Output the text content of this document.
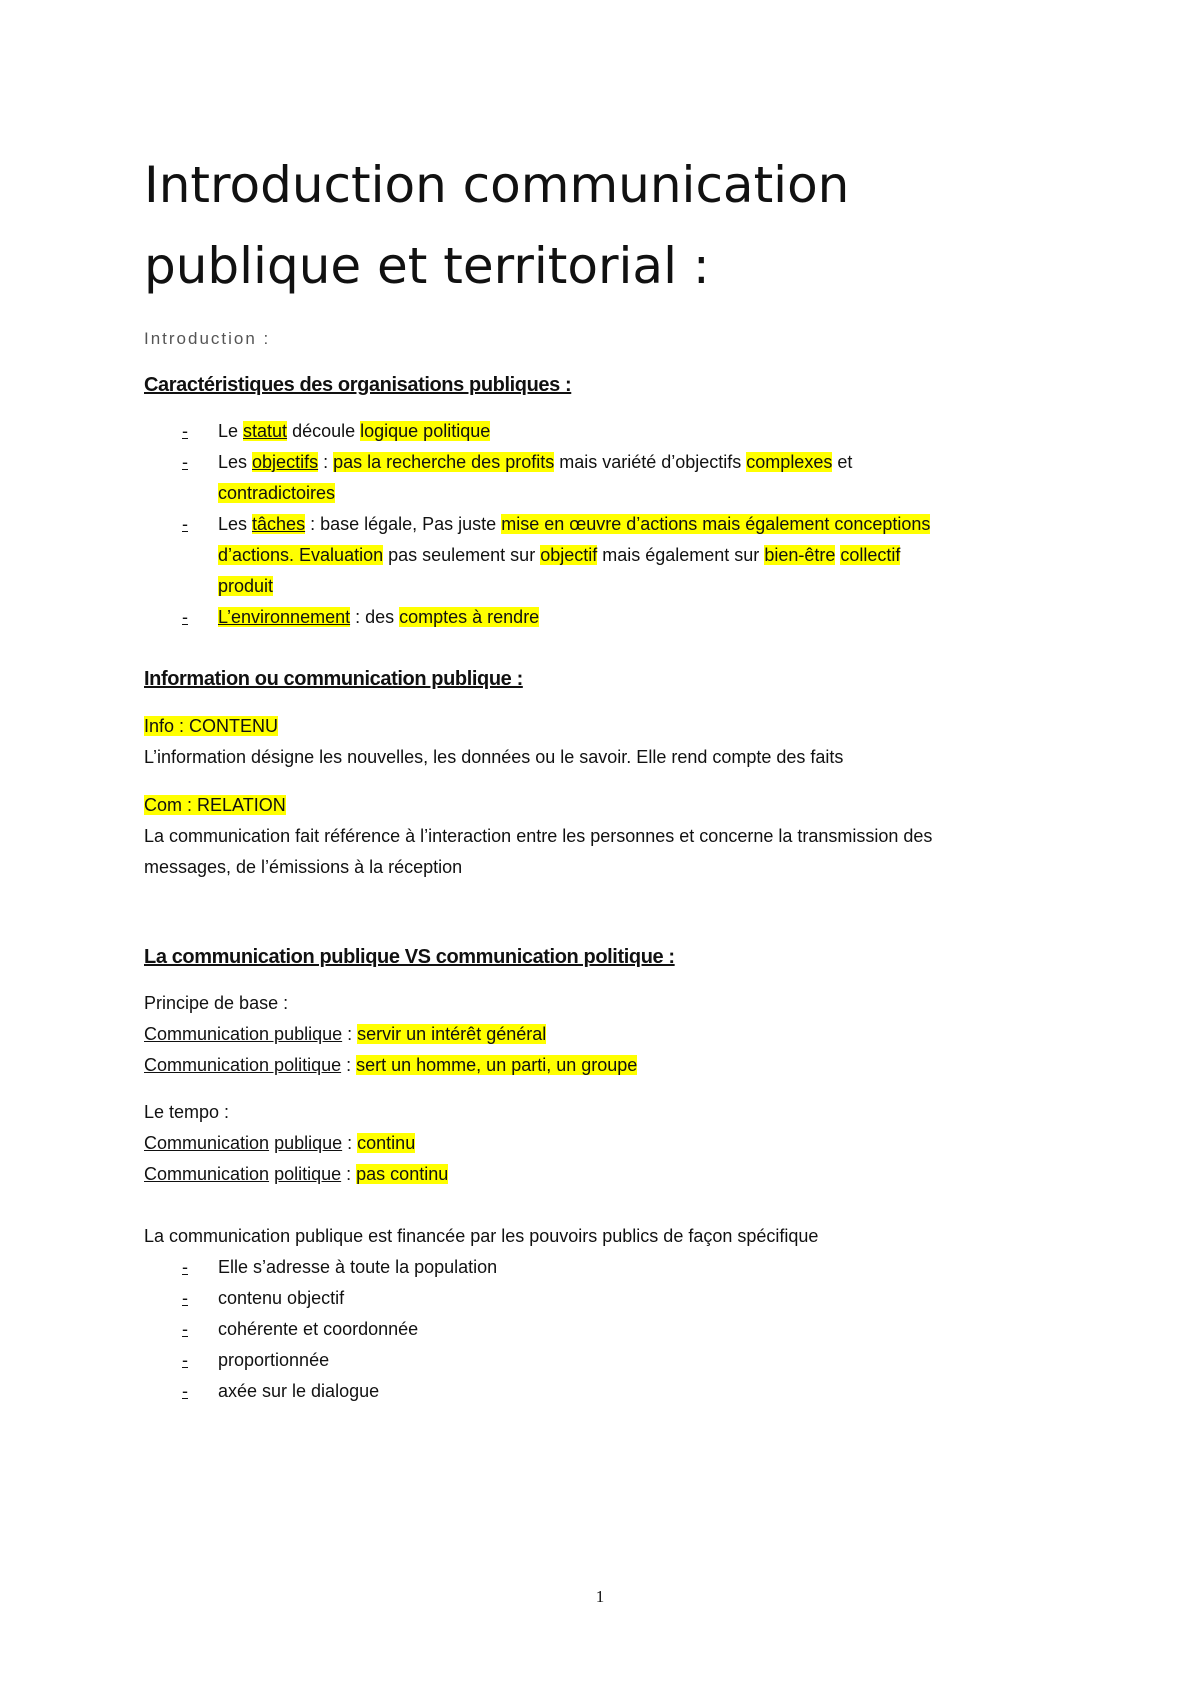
Introduction communication
publique et territorial :

Introduction :

Caractéristiques des organisations publiques :
-	Le statut découle logique politique
-	Les objectifs : pas la recherche des profits mais variété d’objectifs complexes et
contradictoires
-	Les tâches : base légale, Pas juste mise en œuvre d’actions mais également conceptions
d’actions. Evaluation pas seulement sur objectif mais également sur bien-être collectif
produit
-	L’environnement : des comptes à rendre
Information ou communication publique :

Info : CONTENU

L’information désigne les nouvelles, les données ou le savoir. Elle rend compte des faits

Com : RELATION

La communication fait référence à l’interaction entre les personnes et concerne la transmission des

messages, de l’émissions à la réception

La communication publique VS communication politique :

Principe de base :

Communication publique : servir un intérêt général

Communication politique : sert un homme, un parti, un groupe

Le tempo :

Communication publique : continu

Communication politique : pas continu

La communication publique est financée par les pouvoirs publics de façon spécifique

-	Elle s’adresse à toute la population
-	contenu objectif
-	cohérente et coordonnée
-	proportionnée
-	axée sur le dialogue
1
